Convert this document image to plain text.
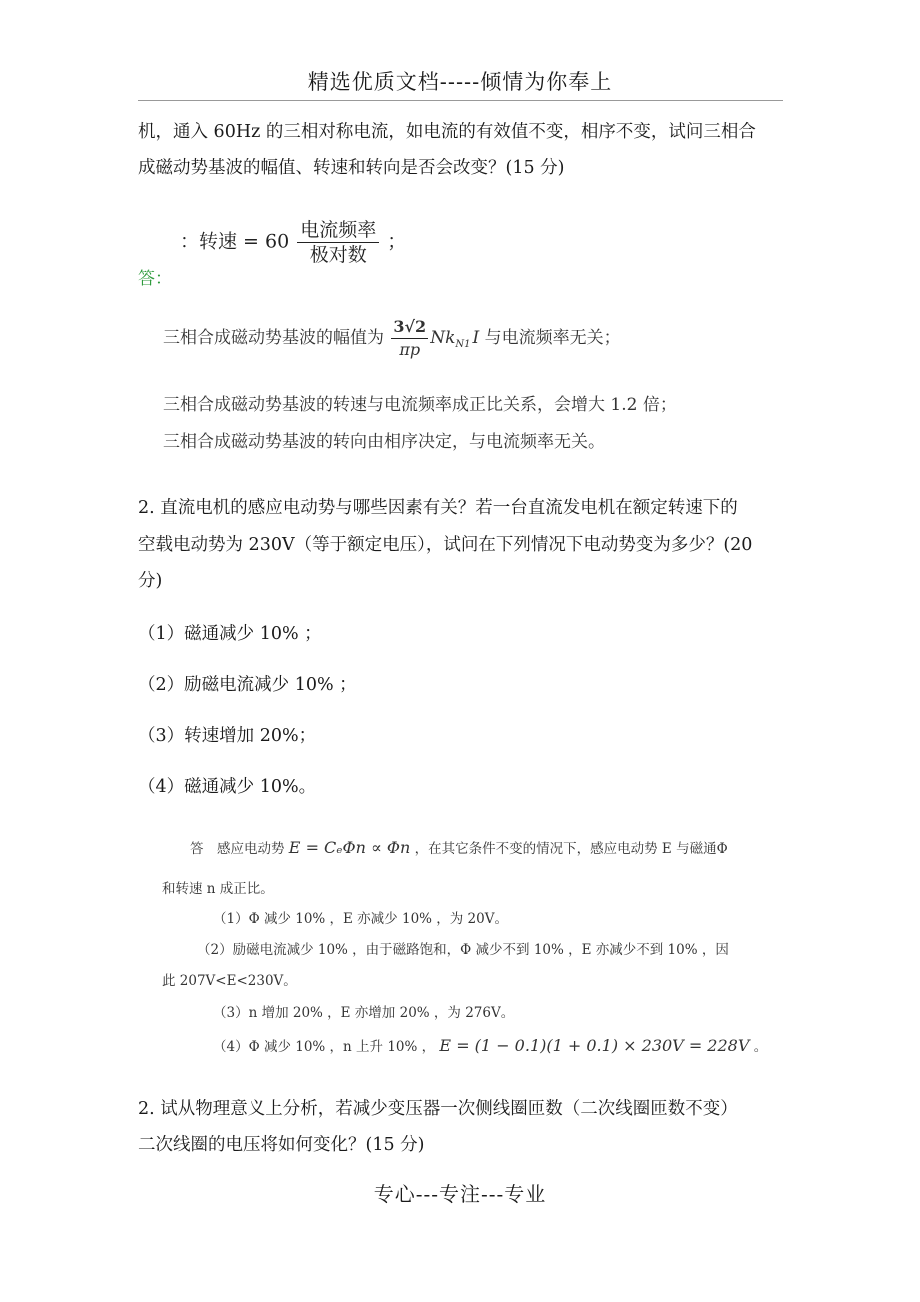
精选优质文档-----倾情为你奉上
机，通入 60Hz 的三相对称电流，如电流的有效值不变，相序不变，试问三相合
成磁动势基波的幅值、转速和转向是否会改变？(15 分)
：转速 = $60 \frac{\text{电流频率}}{\text{极对数}}$ ；
答：
三相合成磁动势基波的幅值为 $\frac{3√2}{\pi p} Nk_{N1}$ I 与电流频率无关；
三相合成磁动势基波的转速与电流频率成正比关系，会增大 1.2 倍；
三相合成磁动势基波的转向由相序决定，与电流频率无关。
2. 直流电机的感应电动势与哪些因素有关？若一台直流发电机在额定转速下的
空载电动势为 230V（等于额定电压），试问在下列情况下电动势变为多少？(20
分)
（1）磁通减少 10% ；
（2）励磁电流减少 10% ；
（3）转速增加 20%；
（4）磁通减少 10%。
答　感应电动势 E = CₑΦn ∝ Φn ，在其它条件不变的情况下，感应电动势 E 与磁通Φ
和转速 n 成正比。
（1）Φ 减少 10% ，E 亦减少 10% ，为 20V。
（2）励磁电流减少 10% ，由于磁路饱和，Φ 减少不到 10% ，E 亦减少不到 10% ，因
此 207V<E<230V。
（3）n 增加 20% ，E 亦增加 20% ，为 276V。
（4）Φ 减少 10% ，n 上升 10% ， E = (1 − 0.1)(1 + 0.1) × 230V = 228V 。
2. 试从物理意义上分析，若减少变压器一次侧线圈匝数（二次线圈匝数不变）
二次线圈的电压将如何变化？(15 分)
专心---专注---专业
